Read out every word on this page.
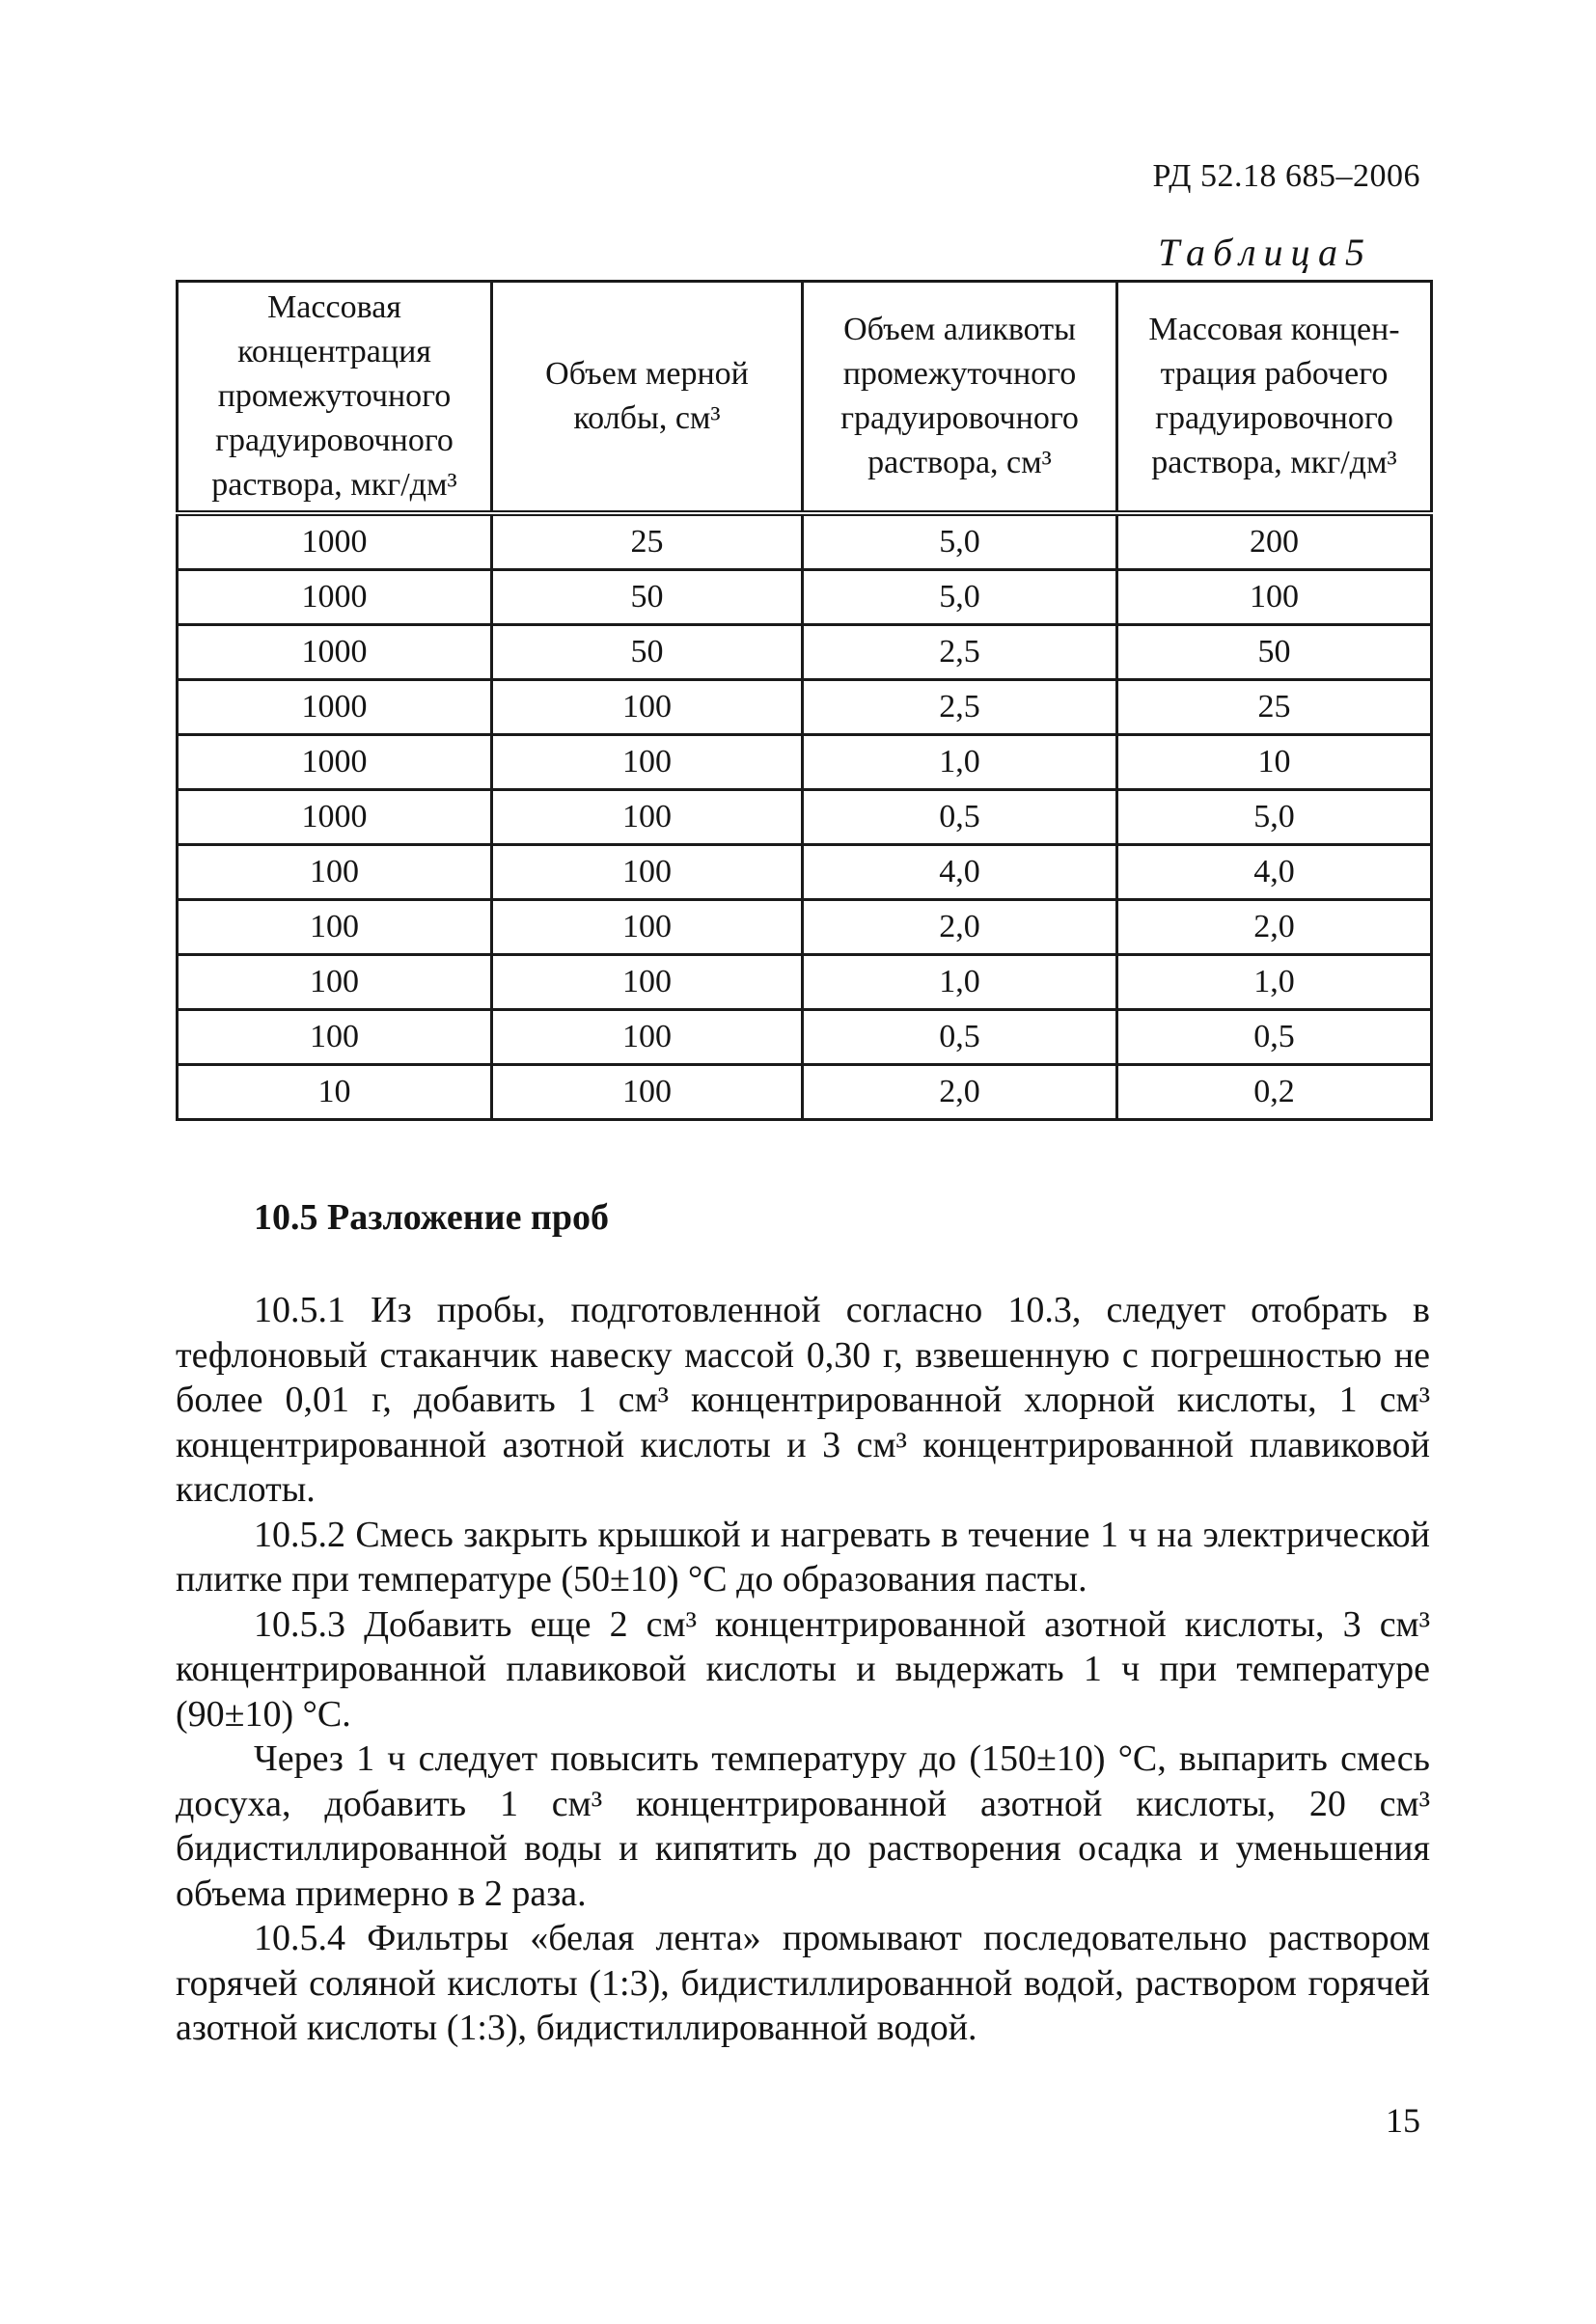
РД 52.18 685–2006
Таблица5
Массовая концентрация промежуточного градуировочного раствора, мкг/дм³	Объем мерной колбы, см³	Объем аликвоты промежуточного градуировочного раствора, см³	Массовая концен-трация рабочего градуировочного раствора, мкг/дм³
1000	25	5,0	200
1000	50	5,0	100
1000	50	2,5	50
1000	100	2,5	25
1000	100	1,0	10
1000	100	0,5	5,0
100	100	4,0	4,0
100	100	2,0	2,0
100	100	1,0	1,0
100	100	0,5	0,5
10	100	2,0	0,2
10.5 Разложение проб

10.5.1 Из пробы, подготовленной согласно 10.3, следует отобрать в тефлоновый стаканчик навеску массой 0,30 г, взвешенную с погрешностью не более 0,01 г, добавить 1 см³ концентрированной хлорной кислоты, 1 см³ концентрированной азотной кислоты и 3 см³ концентрированной плавиковой кислоты.

10.5.2 Смесь закрыть крышкой и нагревать в течение 1 ч на электрической плитке при температуре (50±10) °С до образования пасты.

10.5.3 Добавить еще 2 см³ концентрированной азотной кислоты, 3 см³ концентрированной плавиковой кислоты и выдержать 1 ч при температуре (90±10) °С.

Через 1 ч следует повысить температуру до (150±10) °С, выпарить смесь досуха, добавить 1 см³ концентрированной азотной кислоты, 20 см³ бидистиллированной воды и кипятить до растворения осадка и уменьшения объема примерно в 2 раза.

10.5.4 Фильтры «белая лента» промывают последовательно раствором горячей соляной кислоты (1:3), бидистиллированной водой, раствором горячей азотной кислоты (1:3), бидистиллированной водой.

15
